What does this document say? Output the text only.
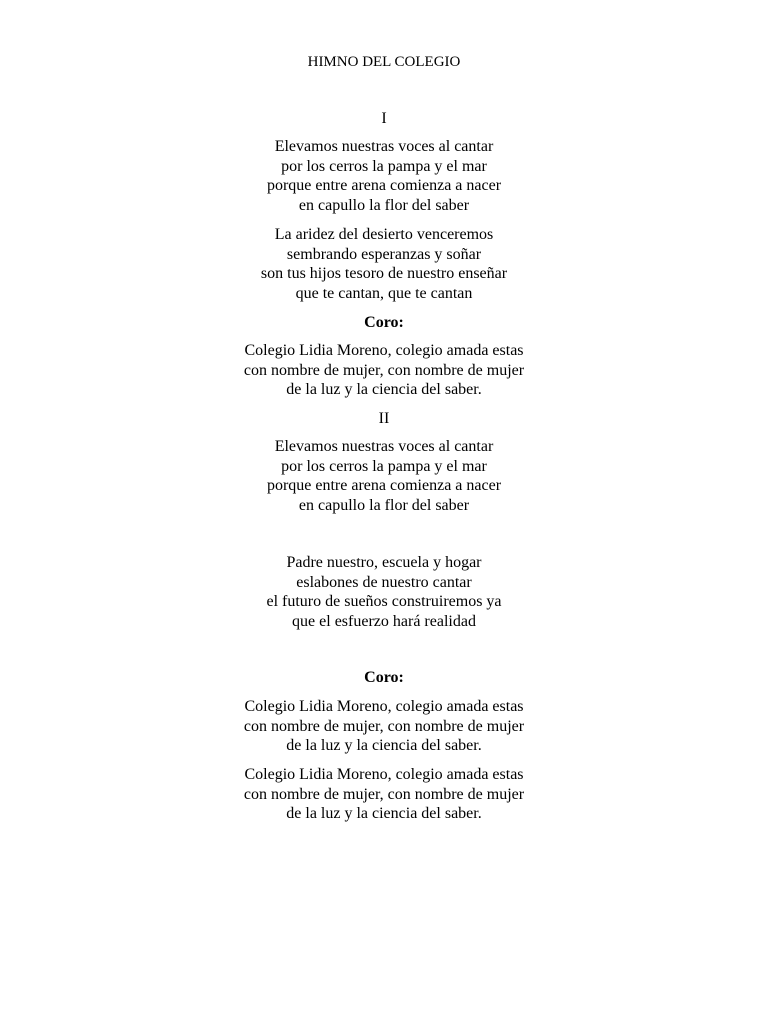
HIMNO DEL COLEGIO
I
Elevamos nuestras voces al cantar
por los cerros la pampa y el mar
porque entre arena comienza a nacer
en capullo la flor del saber
La aridez del desierto venceremos
sembrando esperanzas y soñar
son tus hijos tesoro de nuestro enseñar
que te cantan, que te cantan
Coro:
Colegio Lidia Moreno, colegio amada estas
con nombre de mujer, con nombre de mujer
de la luz y la ciencia del saber.
II
Elevamos nuestras voces al cantar
por los cerros la pampa y el mar
porque entre arena comienza a nacer
en capullo la flor del saber
Padre nuestro, escuela y hogar
eslabones de nuestro cantar
el futuro de sueños construiremos ya
que el esfuerzo hará realidad
Coro:
Colegio Lidia Moreno, colegio amada estas
con nombre de mujer, con nombre de mujer
de la luz y la ciencia del saber.
Colegio Lidia Moreno, colegio amada estas
con nombre de mujer, con nombre de mujer
de la luz y la ciencia del saber.
